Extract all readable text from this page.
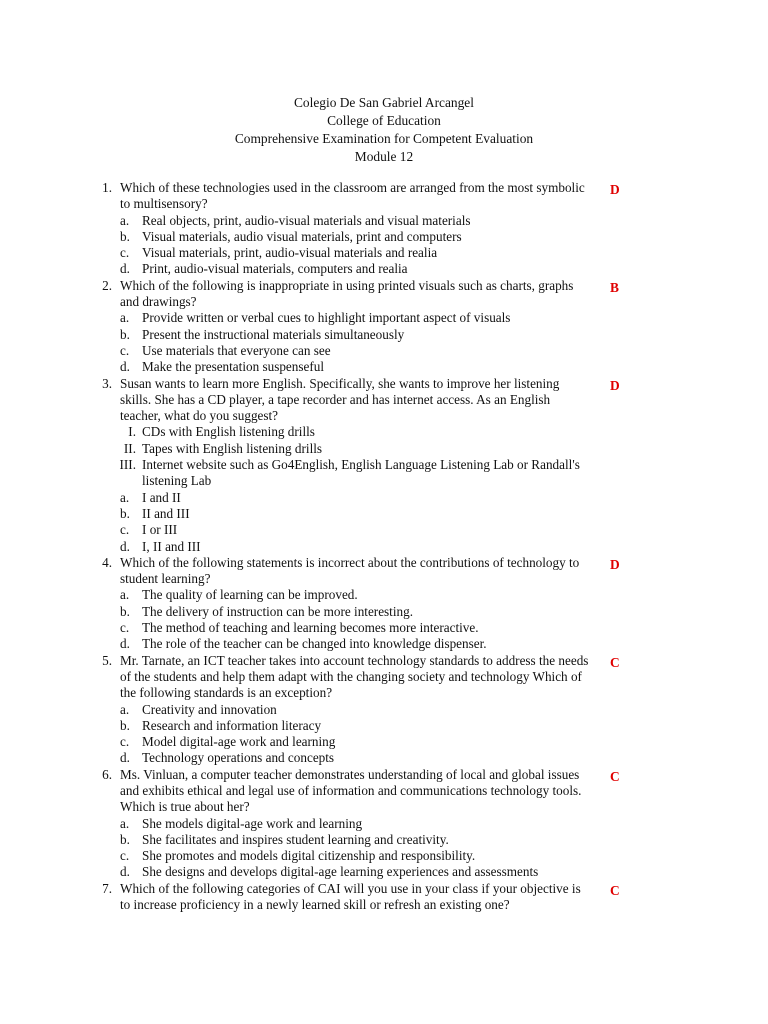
Colegio De San Gabriel Arcangel
College of Education
Comprehensive Examination for Competent Evaluation
Module 12
1. Which of these technologies used in the classroom are arranged from the most symbolic to multisensory?
D
a. Real objects, print, audio-visual materials and visual materials
b. Visual materials, audio visual materials, print and computers
c. Visual materials, print, audio-visual materials and realia
d. Print, audio-visual materials, computers and realia
2. Which of the following is inappropriate in using printed visuals such as charts, graphs and drawings?
B
a. Provide written or verbal cues to highlight important aspect of visuals
b. Present the instructional materials simultaneously
c. Use materials that everyone can see
d. Make the presentation suspenseful
3. Susan wants to learn more English. Specifically, she wants to improve her listening skills. She has a CD player, a tape recorder and has internet access. As an English teacher, what do you suggest?
D
I. CDs with English listening drills
II. Tapes with English listening drills
III. Internet website such as Go4English, English Language Listening Lab or Randall's listening Lab
a. I and II
b. II and III
c. I or III
d. I, II and III
4. Which of the following statements is incorrect about the contributions of technology to student learning?
D
a. The quality of learning can be improved.
b. The delivery of instruction can be more interesting.
c. The method of teaching and learning becomes more interactive.
d. The role of the teacher can be changed into knowledge dispenser.
5. Mr. Tarnate, an ICT teacher takes into account technology standards to address the needs of the students and help them adapt with the changing society and technology Which of the following standards is an exception?
C
a. Creativity and innovation
b. Research and information literacy
c. Model digital-age work and learning
d. Technology operations and concepts
6. Ms. Vinluan, a computer teacher demonstrates understanding of local and global issues and exhibits ethical and legal use of information and communications technology tools. Which is true about her?
C
a. She models digital-age work and learning
b. She facilitates and inspires student learning and creativity.
c. She promotes and models digital citizenship and responsibility.
d. She designs and develops digital-age learning experiences and assessments
7. Which of the following categories of CAI will you use in your class if your objective is to increase proficiency in a newly learned skill or refresh an existing one?
C
